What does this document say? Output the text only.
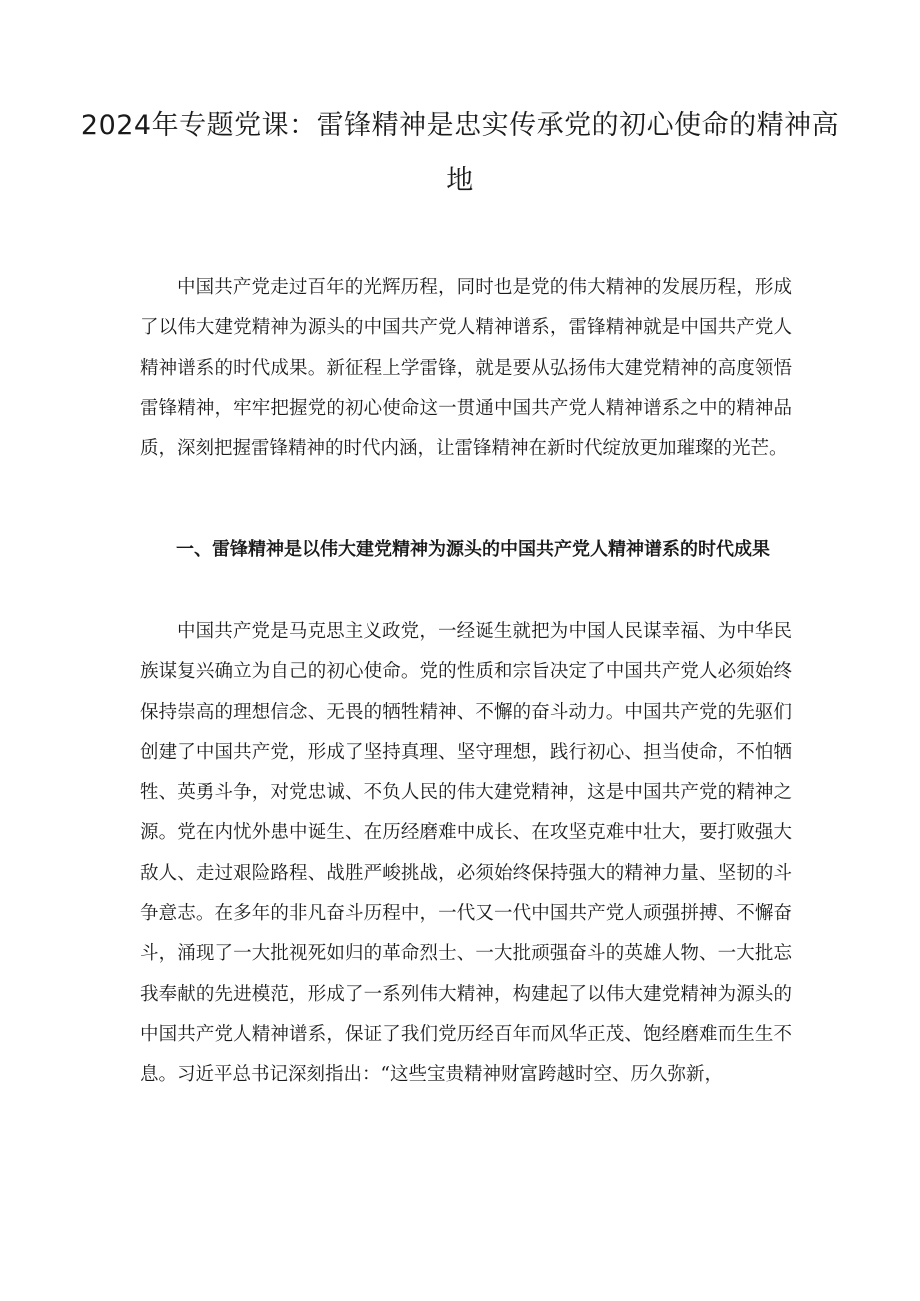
2024年专题党课：雷锋精神是忠实传承党的初心使命的精神高地

中国共产党走过百年的光辉历程，同时也是党的伟大精神的发展历程，形成了以伟大建党精神为源头的中国共产党人精神谱系，雷锋精神就是中国共产党人精神谱系的时代成果。新征程上学雷锋，就是要从弘扬伟大建党精神的高度领悟雷锋精神，牢牢把握党的初心使命这一贯通中国共产党人精神谱系之中的精神品质，深刻把握雷锋精神的时代内涵，让雷锋精神在新时代绽放更加璀璨的光芒。

一、雷锋精神是以伟大建党精神为源头的中国共产党人精神谱系的时代成果

中国共产党是马克思主义政党，一经诞生就把为中国人民谋幸福、为中华民族谋复兴确立为自己的初心使命。党的性质和宗旨决定了中国共产党人必须始终保持崇高的理想信念、无畏的牺牲精神、不懈的奋斗动力。中国共产党的先驱们创建了中国共产党，形成了坚持真理、坚守理想，践行初心、担当使命，不怕牺牲、英勇斗争，对党忠诚、不负人民的伟大建党精神，这是中国共产党的精神之源。党在内忧外患中诞生、在历经磨难中成长、在攻坚克难中壮大，要打败强大敌人、走过艰险路程、战胜严峻挑战，必须始终保持强大的精神力量、坚韧的斗争意志。在多年的非凡奋斗历程中，一代又一代中国共产党人顽强拼搏、不懈奋斗，涌现了一大批视死如归的革命烈士、一大批顽强奋斗的英雄人物、一大批忘我奉献的先进模范，形成了一系列伟大精神，构建起了以伟大建党精神为源头的中国共产党人精神谱系，保证了我们党历经百年而风华正茂、饱经磨难而生生不息。习近平总书记深刻指出：“这些宝贵精神财富跨越时空、历久弥新，
